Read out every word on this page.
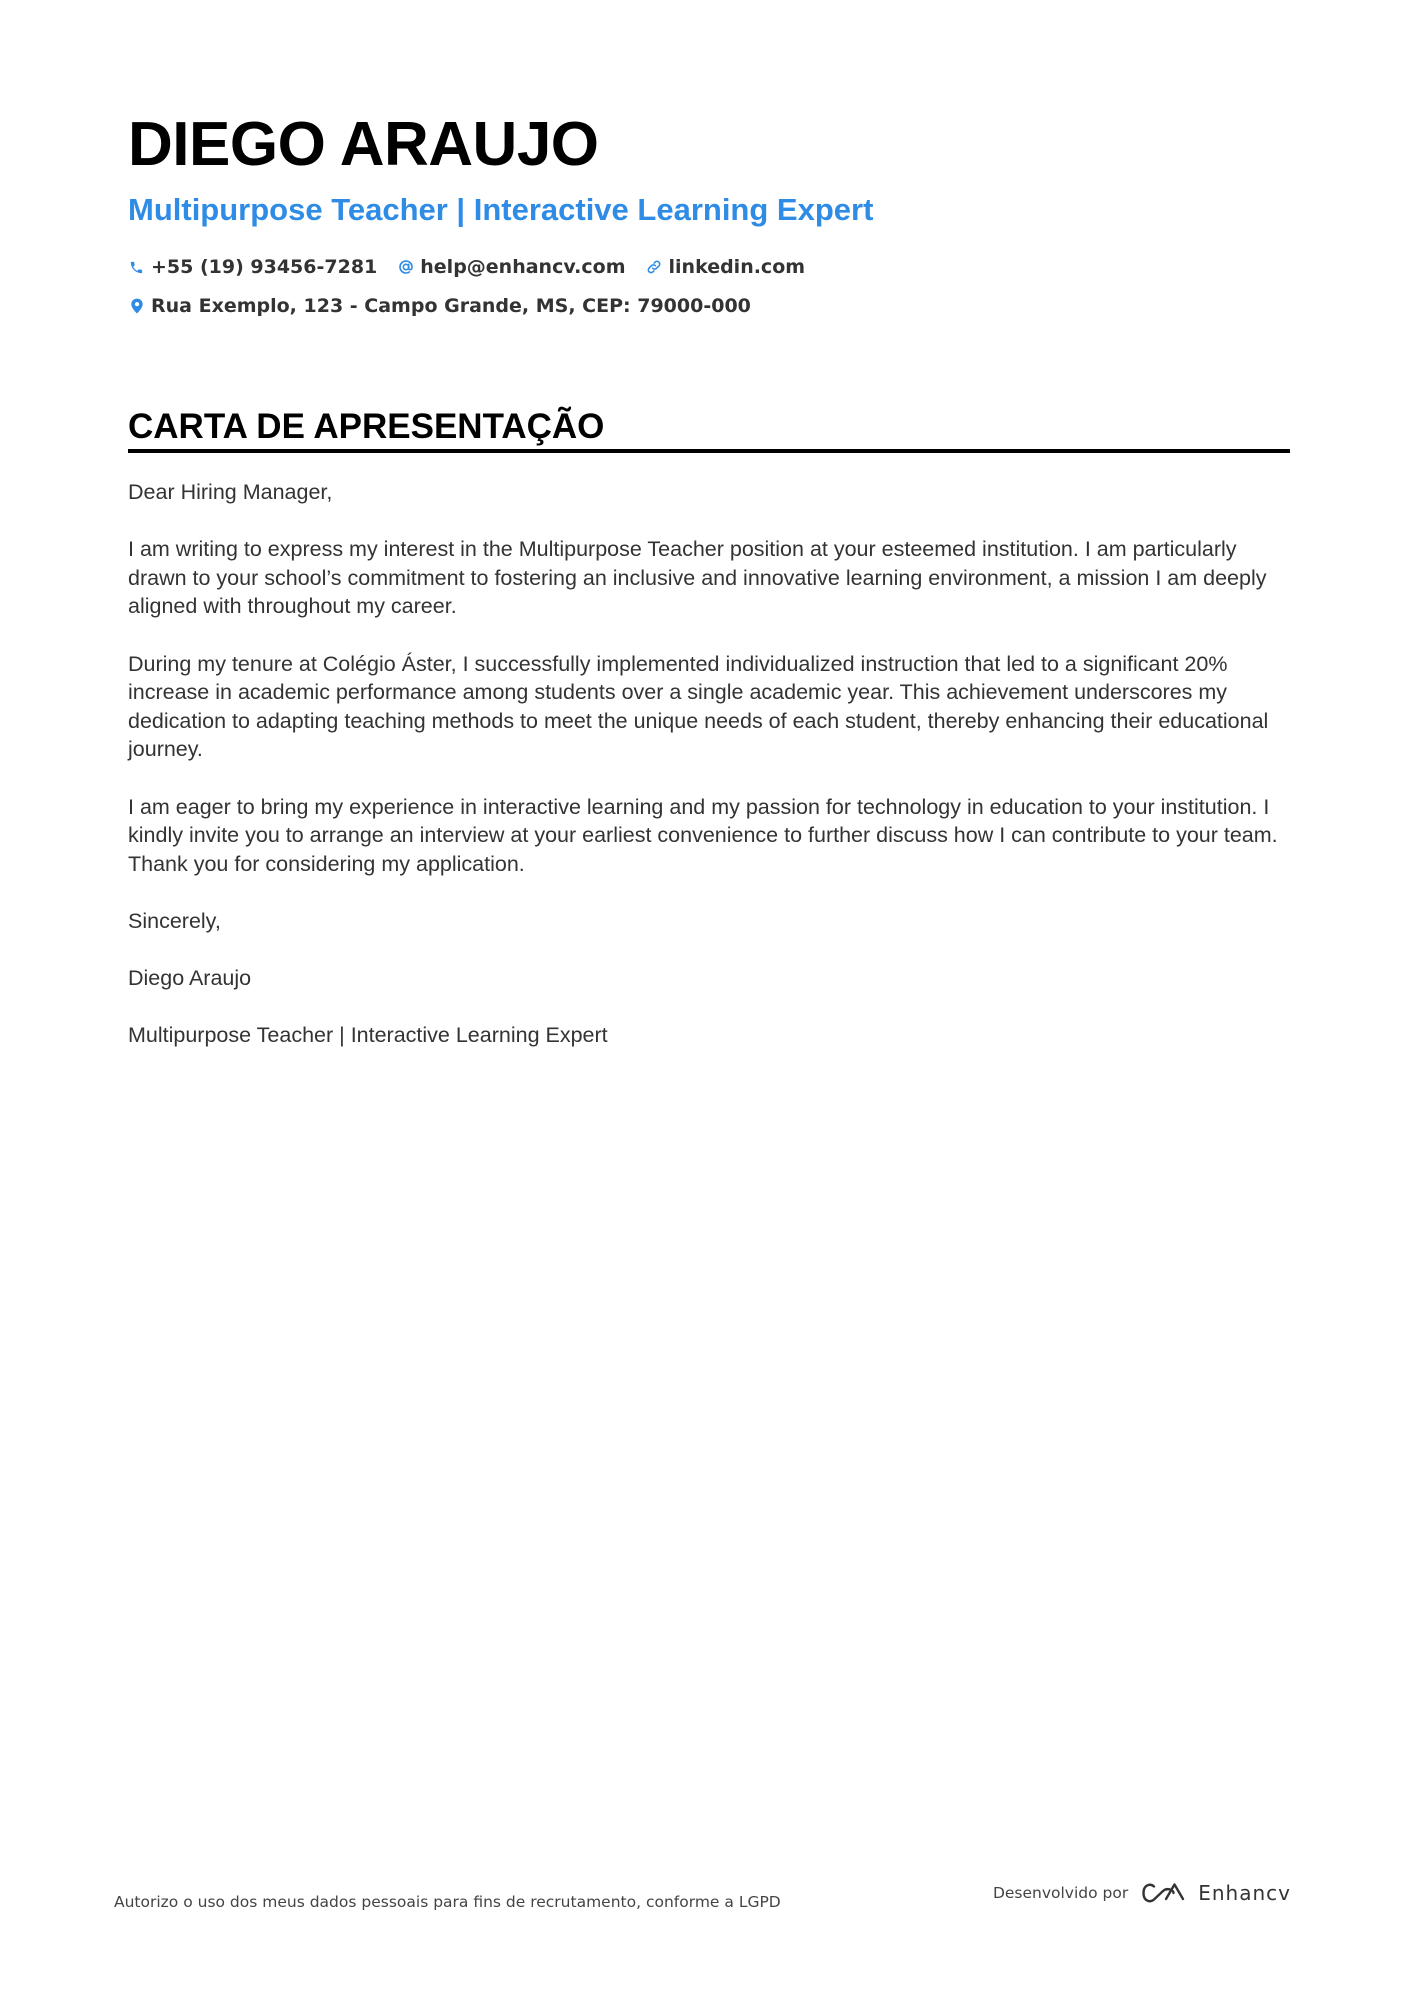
DIEGO ARAUJO
Multipurpose Teacher | Interactive Learning Expert
+55 (19) 93456-7281 help@enhancv.com linkedin.com
Rua Exemplo, 123 - Campo Grande, MS, CEP: 79000-000
CARTA DE APRESENTAÇÃO

Dear Hiring Manager,

I am writing to express my interest in the Multipurpose Teacher position at your esteemed institution. I am particularly drawn to your school’s commitment to fostering an inclusive and innovative learning environment, a mission I am deeply aligned with throughout my career.

During my tenure at Colégio Áster, I successfully implemented individualized instruction that led to a significant 20% increase in academic performance among students over a single academic year. This achievement underscores my dedication to adapting teaching methods to meet the unique needs of each student, thereby enhancing their educational journey.

I am eager to bring my experience in interactive learning and my passion for technology in education to your institution. I kindly invite you to arrange an interview at your earliest convenience to further discuss how I can contribute to your team. Thank you for considering my application.

Sincerely,

Diego Araujo

Multipurpose Teacher | Interactive Learning Expert

Autorizo o uso dos meus dados pessoais para fins de recrutamento, conforme a LGPD	Desenvolvido por	Enhancv
